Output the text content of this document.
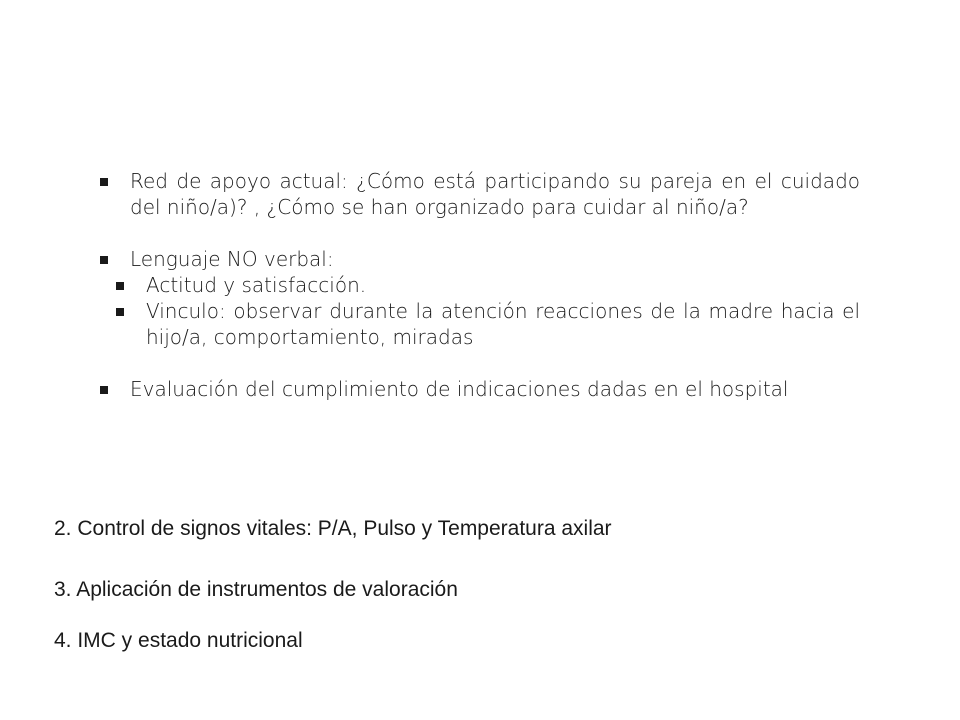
Red de apoyo actual: ¿Cómo está participando su pareja en el cuidado del niño/a)? , ¿Cómo se han organizado para cuidar al niño/a?
Lenguaje NO verbal:
Actitud y satisfacción.
Vinculo: observar durante la atención reacciones de la madre hacia el hijo/a, comportamiento, miradas
Evaluación del cumplimiento de indicaciones dadas en el hospital
2. Control de signos vitales: P/A, Pulso y Temperatura axilar
3. Aplicación de instrumentos de valoración
4. IMC y estado nutricional
